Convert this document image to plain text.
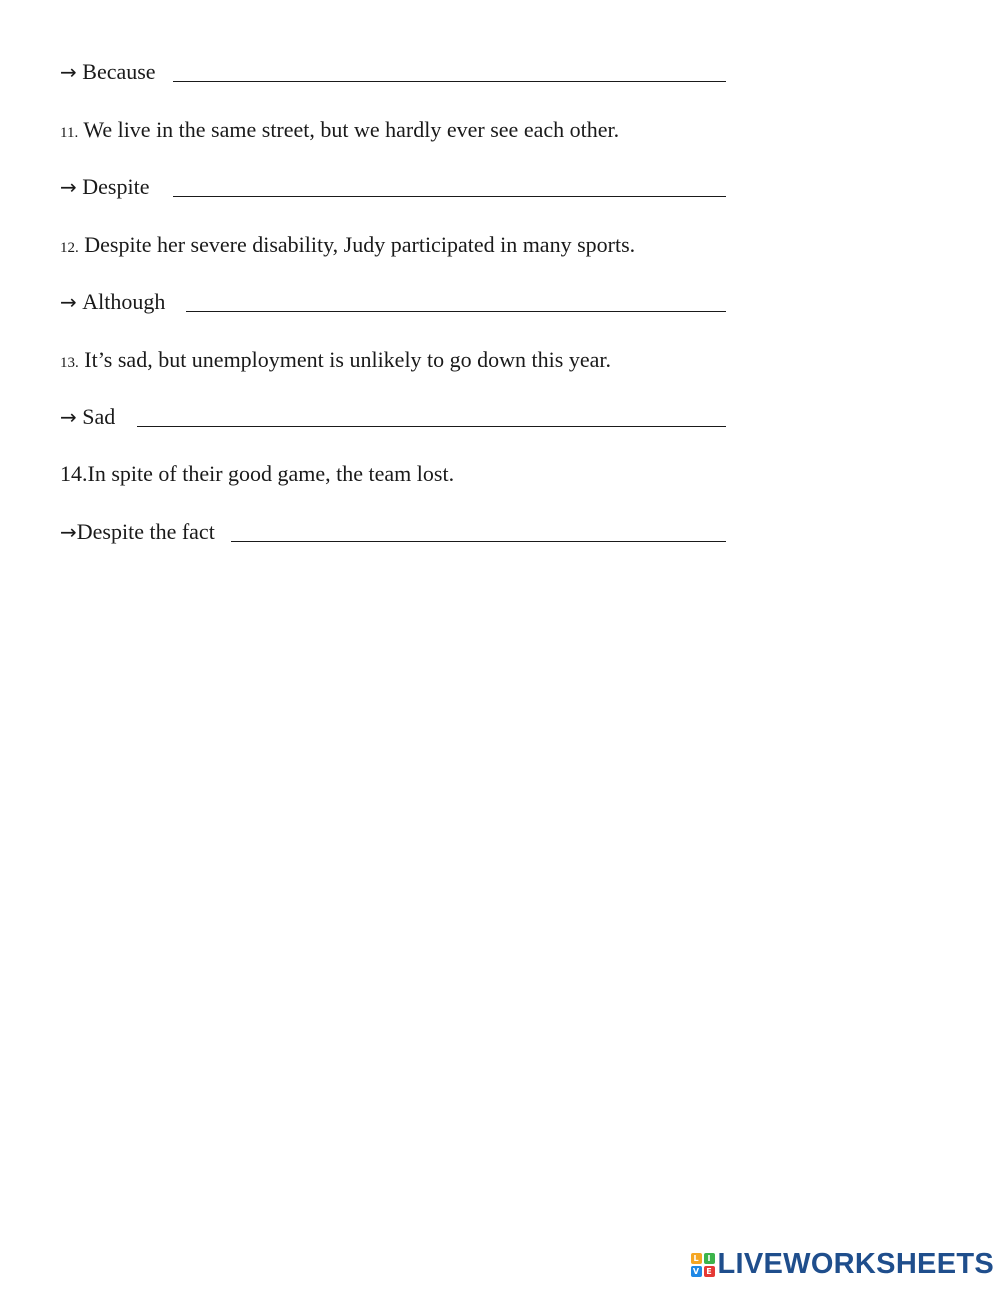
→ Because
11. We live in the same street, but we hardly ever see each other.
→ Despite
12. Despite her severe disability, Judy participated in many sports.
→ Although
13. It’s sad, but unemployment is unlikely to go down this year.
→ Sad
14.In spite of their good game, the team lost.
→Despite the fact
L	I
V E LIVEWORKSHEETS
